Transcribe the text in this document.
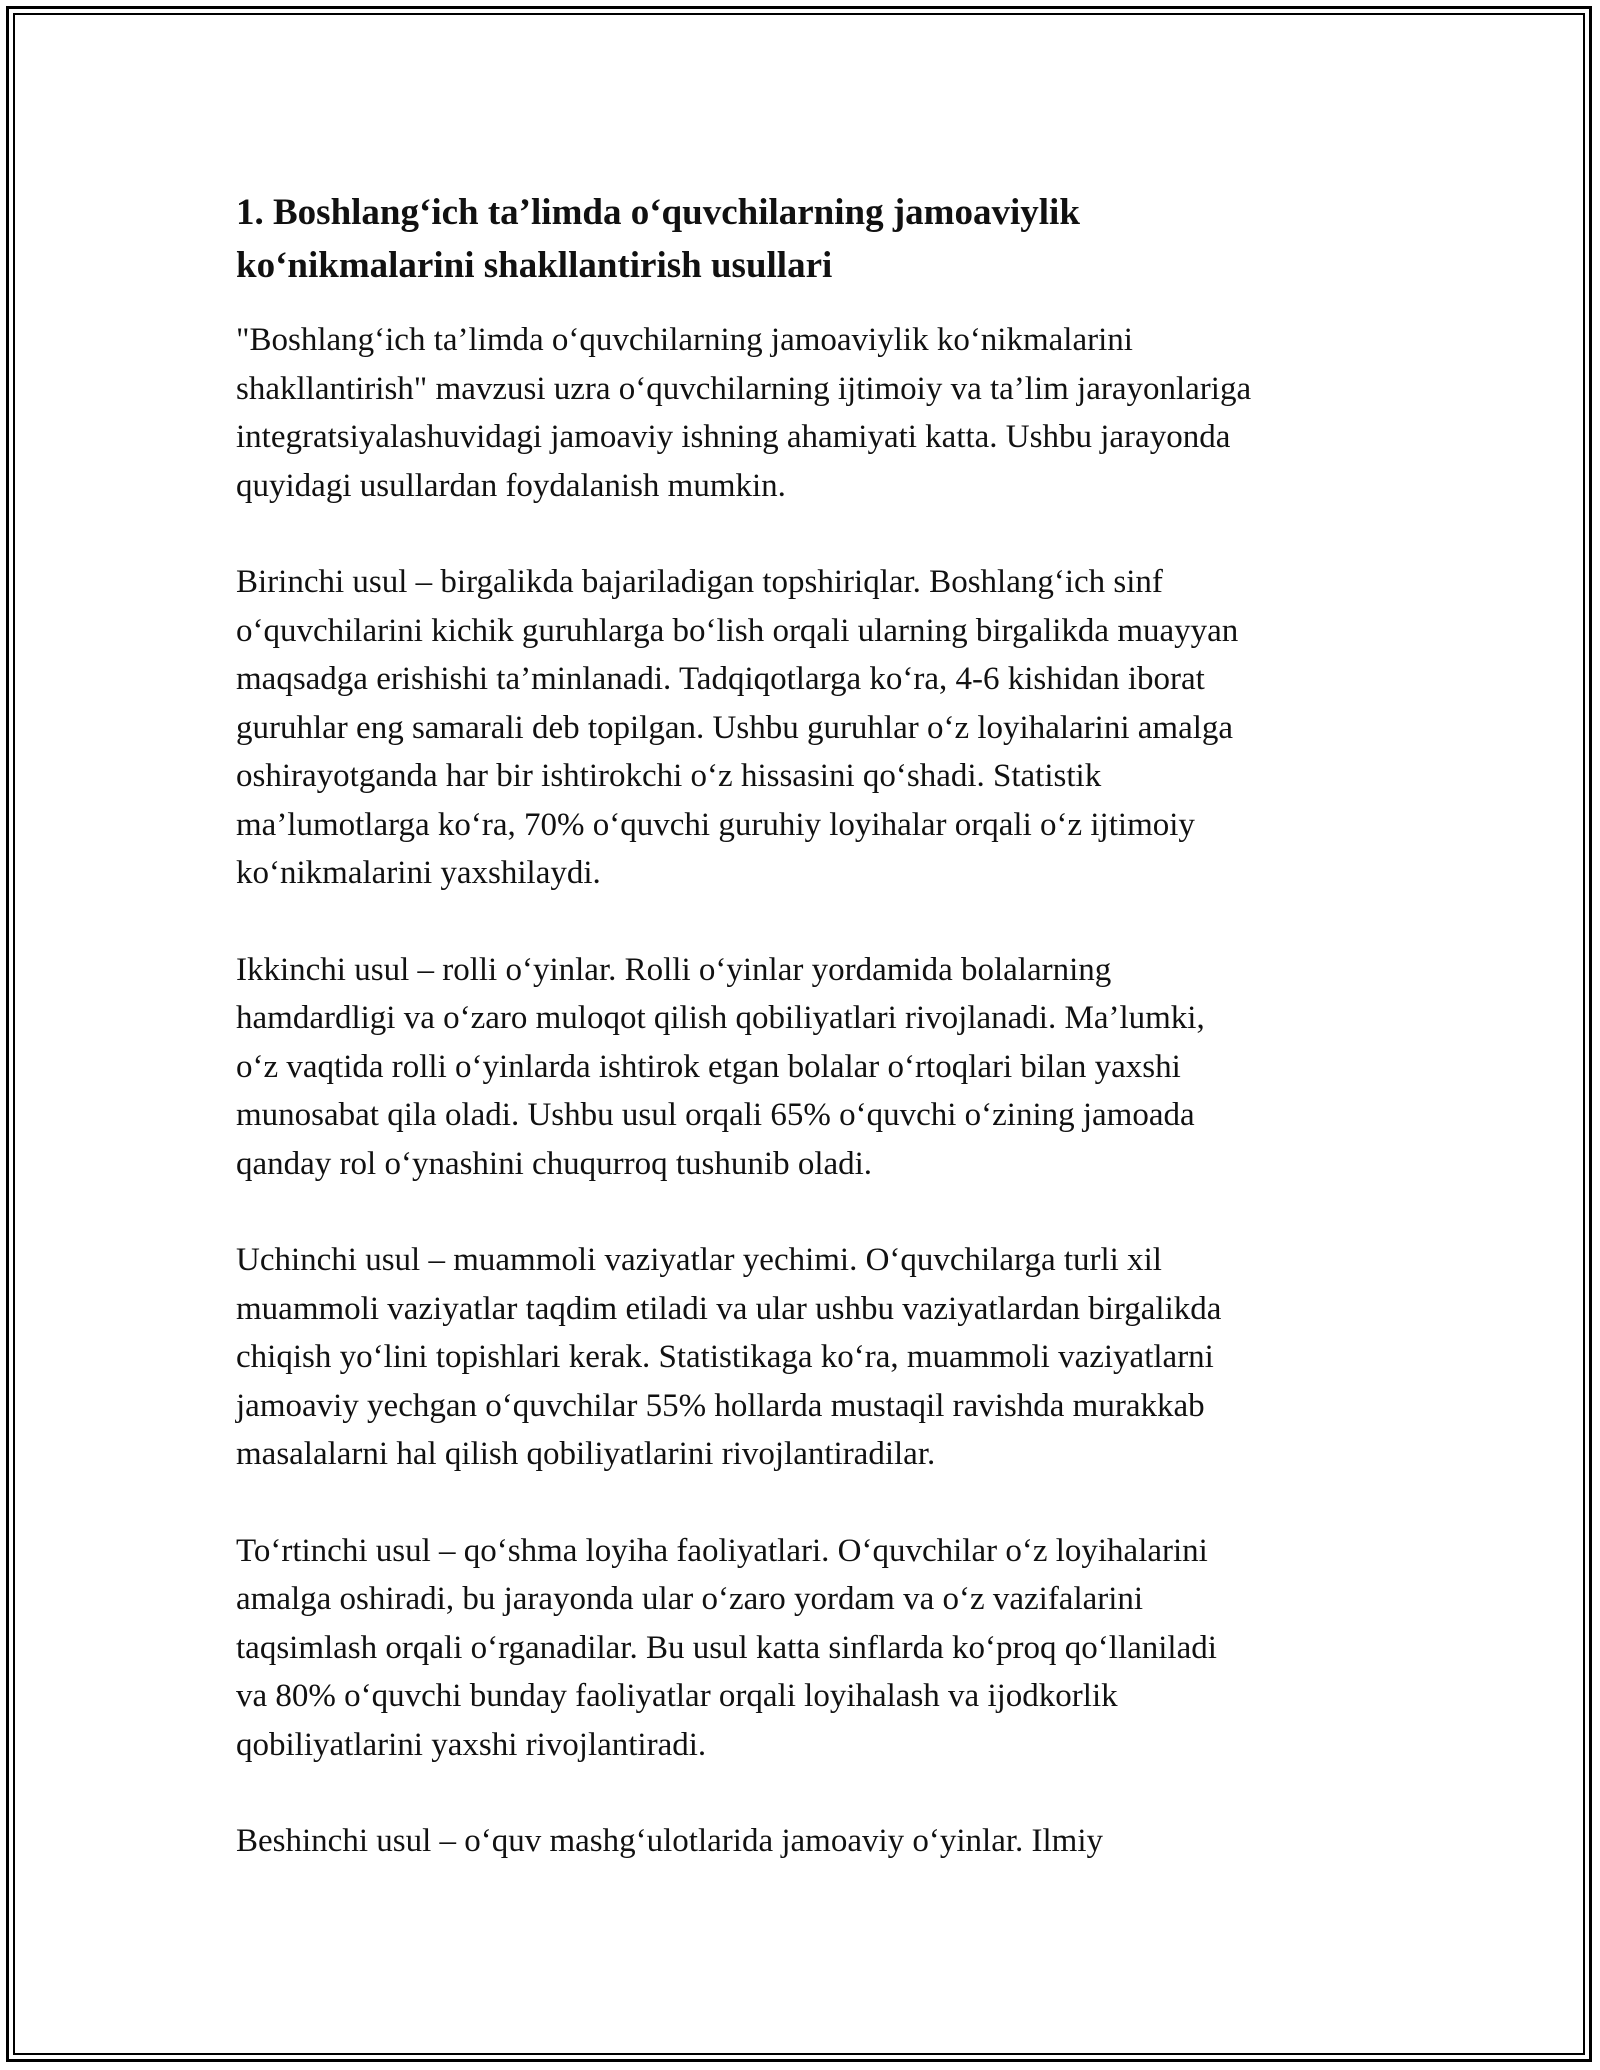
1. Boshlang‘ich ta’limda o‘quvchilarning jamoaviylik
ko‘nikmalarini shakllantirish usullari

"Boshlang‘ich ta’limda o‘quvchilarning jamoaviylik ko‘nikmalarini
shakllantirish" mavzusi uzra o‘quvchilarning ijtimoiy va ta’lim jarayonlariga
integratsiyalashuvidagi jamoaviy ishning ahamiyati katta. Ushbu jarayonda
quyidagi usullardan foydalanish mumkin.

Birinchi usul – birgalikda bajariladigan topshiriqlar. Boshlang‘ich sinf
o‘quvchilarini kichik guruhlarga bo‘lish orqali ularning birgalikda muayyan
maqsadga erishishi ta’minlanadi. Tadqiqotlarga ko‘ra, 4-6 kishidan iborat
guruhlar eng samarali deb topilgan. Ushbu guruhlar o‘z loyihalarini amalga
oshirayotganda har bir ishtirokchi o‘z hissasini qo‘shadi. Statistik
ma’lumotlarga ko‘ra, 70% o‘quvchi guruhiy loyihalar orqali o‘z ijtimoiy
ko‘nikmalarini yaxshilaydi.

Ikkinchi usul – rolli o‘yinlar. Rolli o‘yinlar yordamida bolalarning
hamdardligi va o‘zaro muloqot qilish qobiliyatlari rivojlanadi. Ma’lumki,
o‘z vaqtida rolli o‘yinlarda ishtirok etgan bolalar o‘rtoqlari bilan yaxshi
munosabat qila oladi. Ushbu usul orqali 65% o‘quvchi o‘zining jamoada
qanday rol o‘ynashini chuqurroq tushunib oladi.

Uchinchi usul – muammoli vaziyatlar yechimi. O‘quvchilarga turli xil
muammoli vaziyatlar taqdim etiladi va ular ushbu vaziyatlardan birgalikda
chiqish yo‘lini topishlari kerak. Statistikaga ko‘ra, muammoli vaziyatlarni
jamoaviy yechgan o‘quvchilar 55% hollarda mustaqil ravishda murakkab
masalalarni hal qilish qobiliyatlarini rivojlantiradilar.

To‘rtinchi usul – qo‘shma loyiha faoliyatlari. O‘quvchilar o‘z loyihalarini
amalga oshiradi, bu jarayonda ular o‘zaro yordam va o‘z vazifalarini
taqsimlash orqali o‘rganadilar. Bu usul katta sinflarda ko‘proq qo‘llaniladi
va 80% o‘quvchi bunday faoliyatlar orqali loyihalash va ijodkorlik
qobiliyatlarini yaxshi rivojlantiradi.

Beshinchi usul – o‘quv mashg‘ulotlarida jamoaviy o‘yinlar. Ilmiy
